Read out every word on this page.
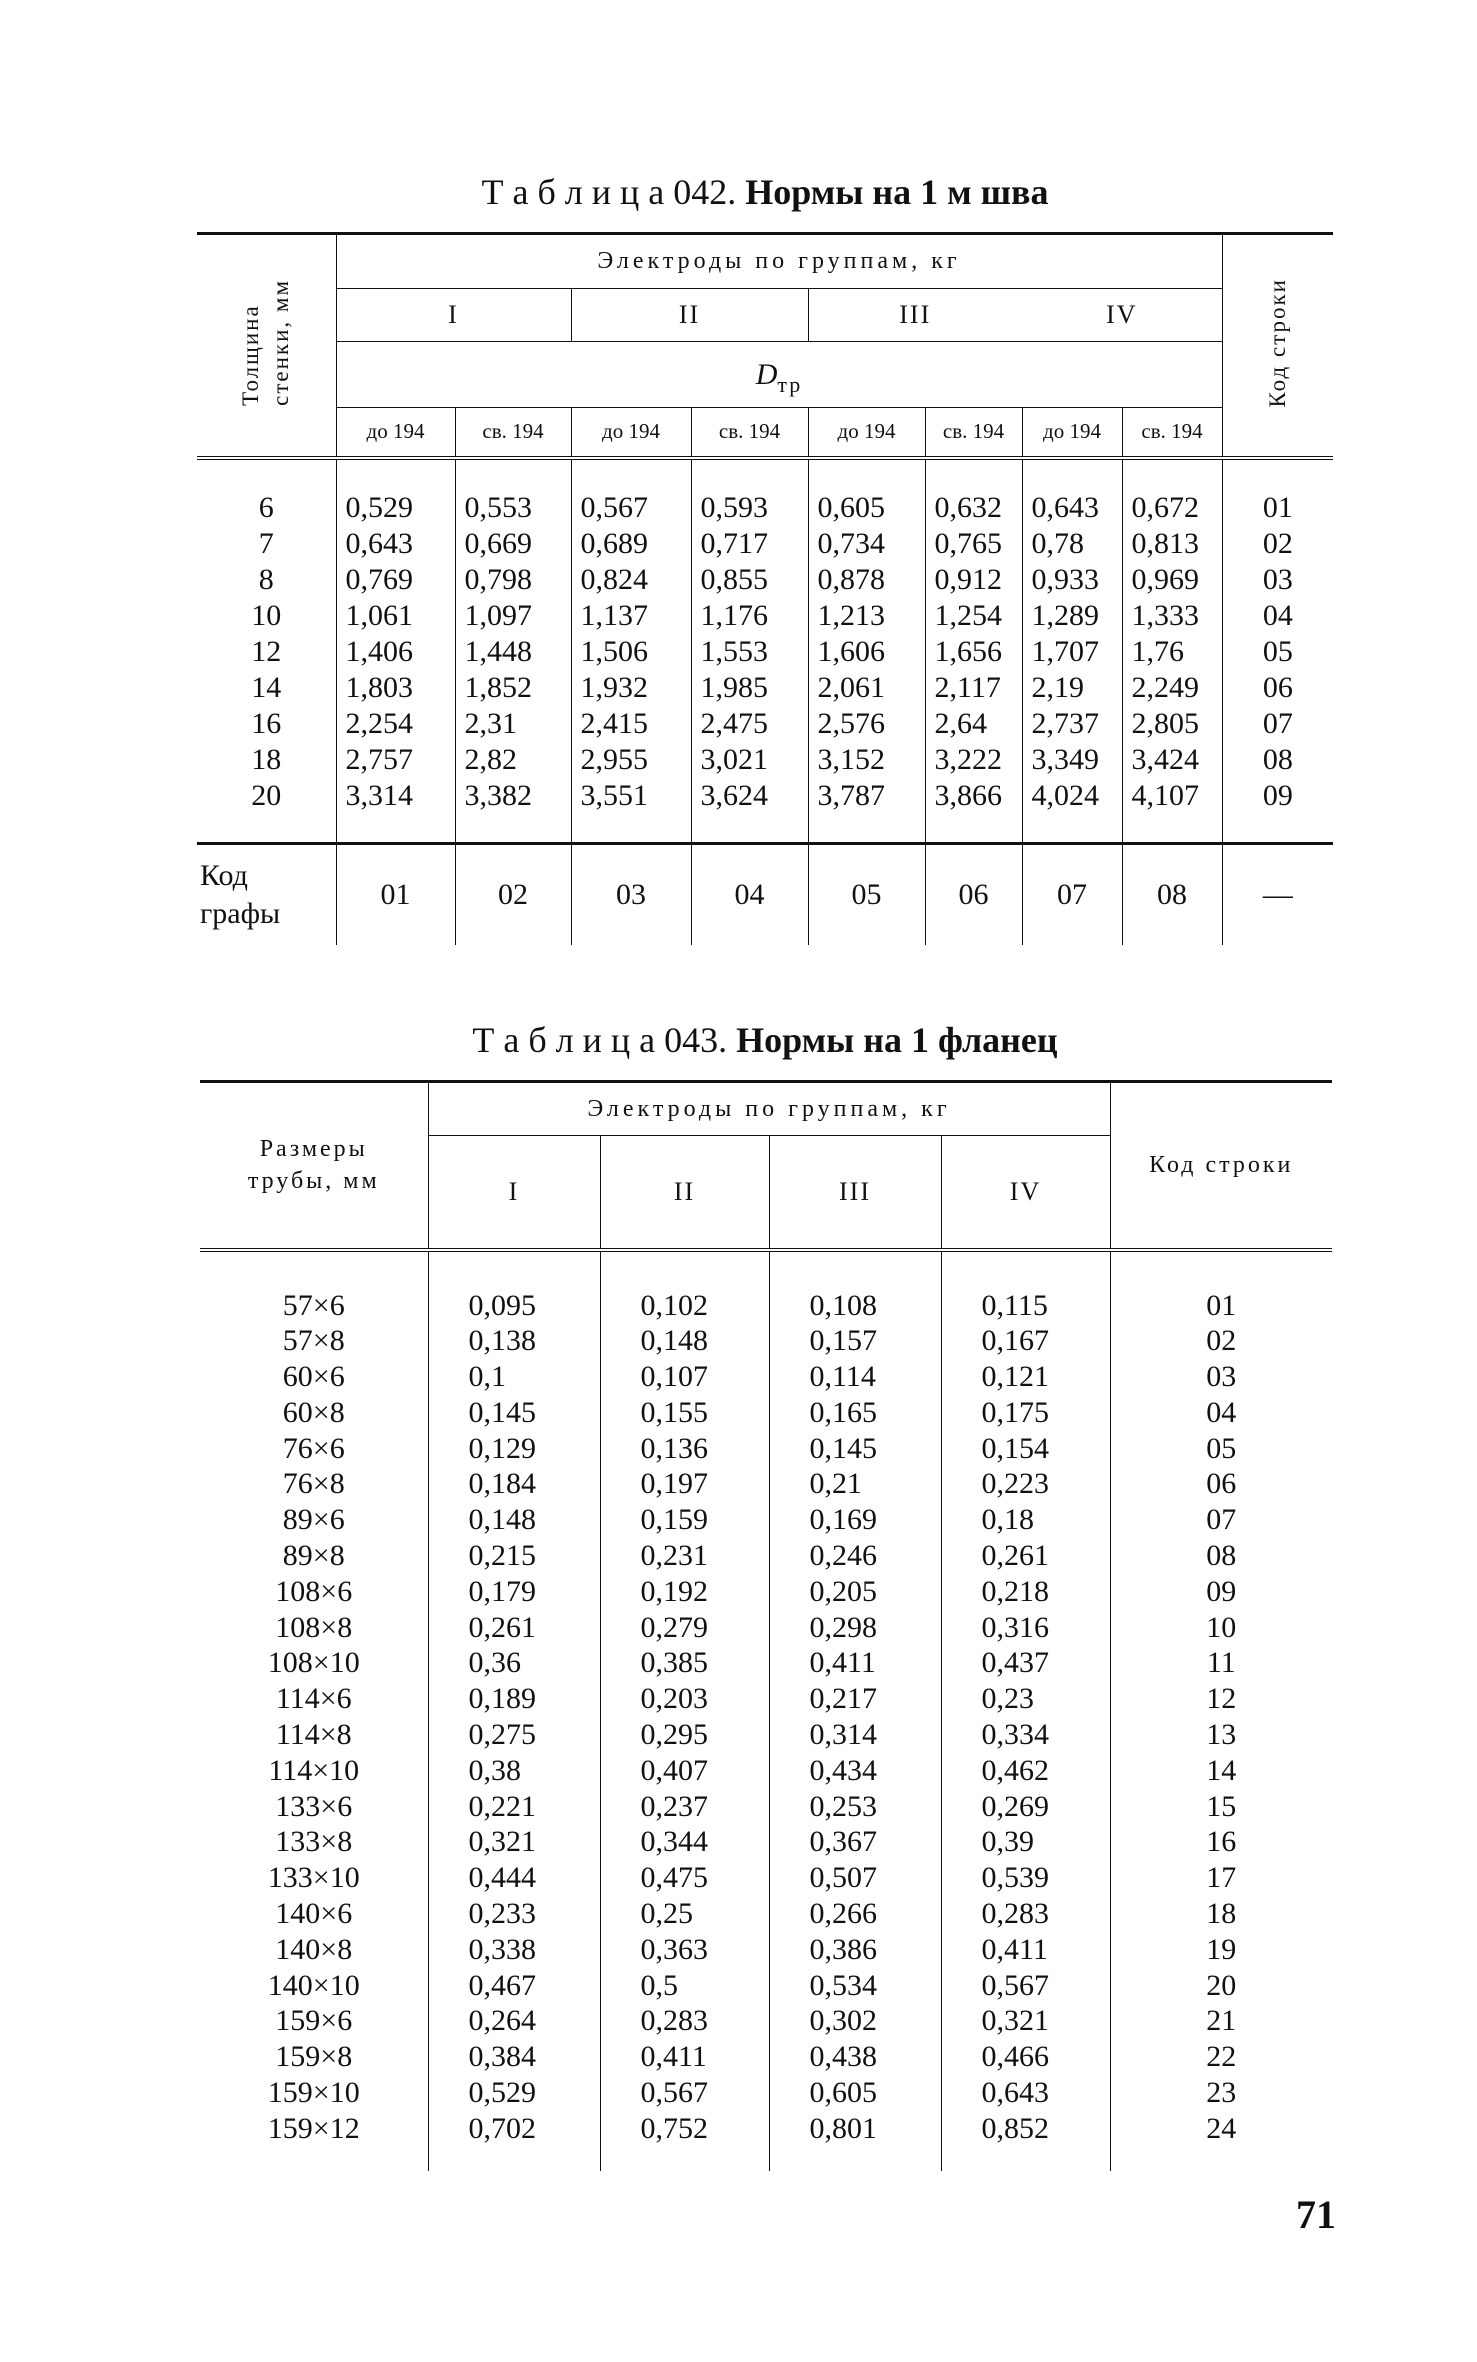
Т а б л и ц а 042. Нормы на 1 м шва
Толщина стенки, мм	Электроды по группам, кг								Код строки

	I		II		III		IV		
	Dтр								
	до 194	св. 194	до 194	св. 194	до 194	св. 194	до 194	св. 194	
6	0,529	0,553	0,567	0,593	0,605	0,632	0,643	0,672	01
7	0,643	0,669	0,689	0,717	0,734	0,765	0,78	0,813	02
8	0,769	0,798	0,824	0,855	0,878	0,912	0,933	0,969	03
10	1,061	1,097	1,137	1,176	1,213	1,254	1,289	1,333	04
12	1,406	1,448	1,506	1,553	1,606	1,656	1,707	1,76	05
14	1,803	1,852	1,932	1,985	2,061	2,117	2,19	2,249	06
16	2,254	2,31	2,415	2,475	2,576	2,64	2,737	2,805	07
18	2,757	2,82	2,955	3,021	3,152	3,222	3,349	3,424	08
20	3,314	3,382	3,551	3,624	3,787	3,866	4,024	4,107	09

Код
графы	01	02	03	04	05	06	07	08	—
Т а б л и ц а 043. Нормы на 1 фланец
Размеры
трубы, мм	Электроды по группам, кг				Код строки
	I	II	III	IV	
57×6	0,095	0,102	0,108	0,115	01
57×8	0,138	0,148	0,157	0,167	02
60×6	0,1	0,107	0,114	0,121	03
60×8	0,145	0,155	0,165	0,175	04
76×6	0,129	0,136	0,145	0,154	05
76×8	0,184	0,197	0,21	0,223	06
89×6	0,148	0,159	0,169	0,18	07
89×8	0,215	0,231	0,246	0,261	08
108×6	0,179	0,192	0,205	0,218	09
108×8	0,261	0,279	0,298	0,316	10
108×10	0,36	0,385	0,411	0,437	11
114×6	0,189	0,203	0,217	0,23	12
114×8	0,275	0,295	0,314	0,334	13
114×10	0,38	0,407	0,434	0,462	14
133×6	0,221	0,237	0,253	0,269	15
133×8	0,321	0,344	0,367	0,39	16
133×10	0,444	0,475	0,507	0,539	17
140×6	0,233	0,25	0,266	0,283	18
140×8	0,338	0,363	0,386	0,411	19
140×10	0,467	0,5	0,534	0,567	20
159×6	0,264	0,283	0,302	0,321	21
159×8	0,384	0,411	0,438	0,466	22
159×10	0,529	0,567	0,605	0,643	23
159×12	0,702	0,752	0,801	0,852	24
71
